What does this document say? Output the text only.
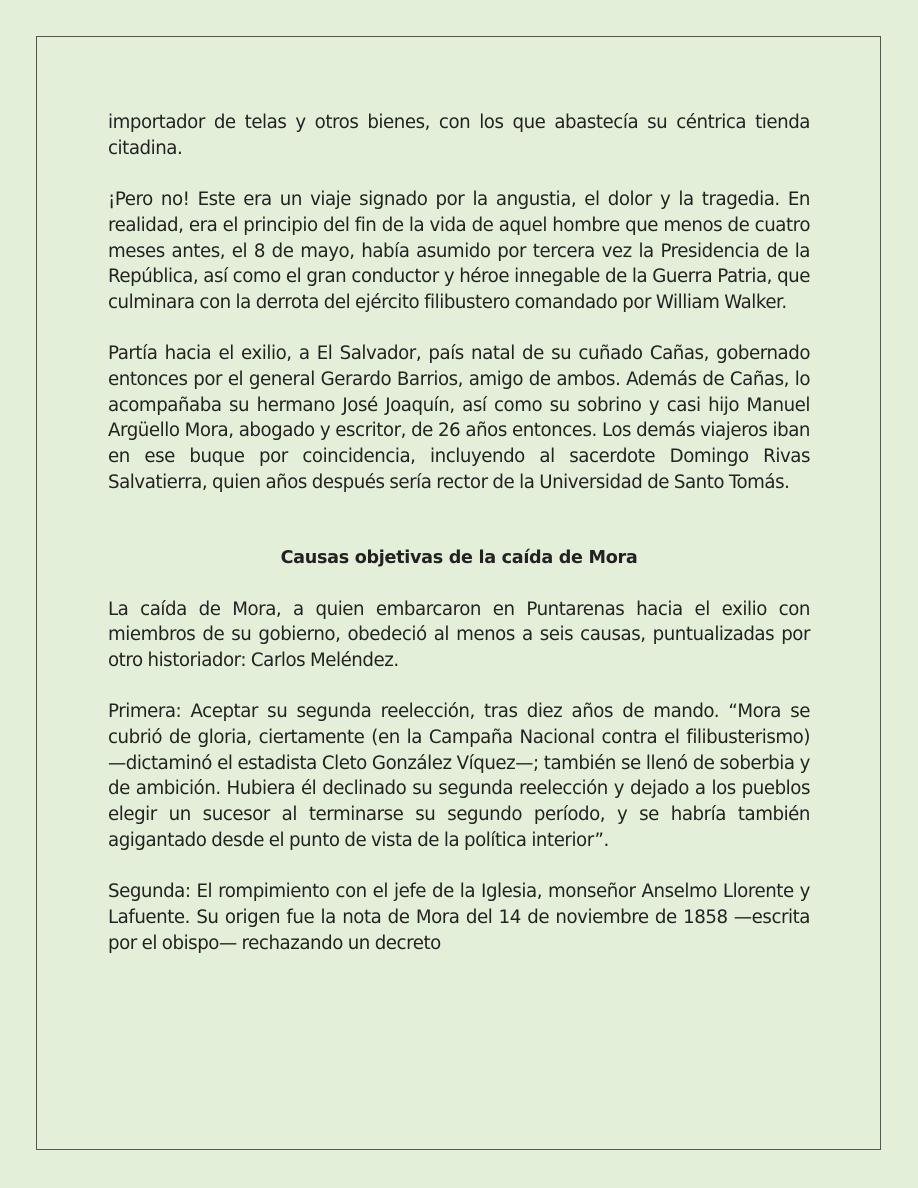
importador de telas y otros bienes, con los que abastecía su céntrica tienda citadina.

¡Pero no! Este era un viaje signado por la angustia, el dolor y la tragedia. En realidad, era el principio del fin de la vida de aquel hombre que menos de cuatro meses antes, el 8 de mayo, había asumido por tercera vez la Presidencia de la República, así como el gran conductor y héroe innegable de la Guerra Patria, que culminara con la derrota del ejército filibustero comandado por William Walker.

Partía hacia el exilio, a El Salvador, país natal de su cuñado Cañas, gobernado entonces por el general Gerardo Barrios, amigo de ambos. Además de Cañas, lo acompañaba su hermano José Joaquín, así como su sobrino y casi hijo Manuel Argüello Mora, abogado y escritor, de 26 años entonces. Los demás viajeros iban en ese buque por coincidencia, incluyendo al sacerdote Domingo Rivas Salvatierra, quien años después sería rector de la Universidad de Santo Tomás.

Causas objetivas de la caída de Mora

La caída de Mora, a quien embarcaron en Puntarenas hacia el exilio con miembros de su gobierno, obedeció al menos a seis causas, puntualizadas por otro historiador: Carlos Meléndez.

Primera: Aceptar su segunda reelección, tras diez años de mando. “Mora se cubrió de gloria, ciertamente (en la Campaña Nacional contra el filibusterismo) —dictaminó el estadista Cleto González Víquez—; también se llenó de soberbia y de ambición. Hubiera él declinado su segunda reelección y dejado a los pueblos elegir un sucesor al terminarse su segundo período, y se habría también agigantado desde el punto de vista de la política interior”.

Segunda: El rompimiento con el jefe de la Iglesia, monseñor Anselmo Llorente y Lafuente. Su origen fue la nota de Mora del 14 de noviembre de 1858 —escrita por el obispo— rechazando un decreto
